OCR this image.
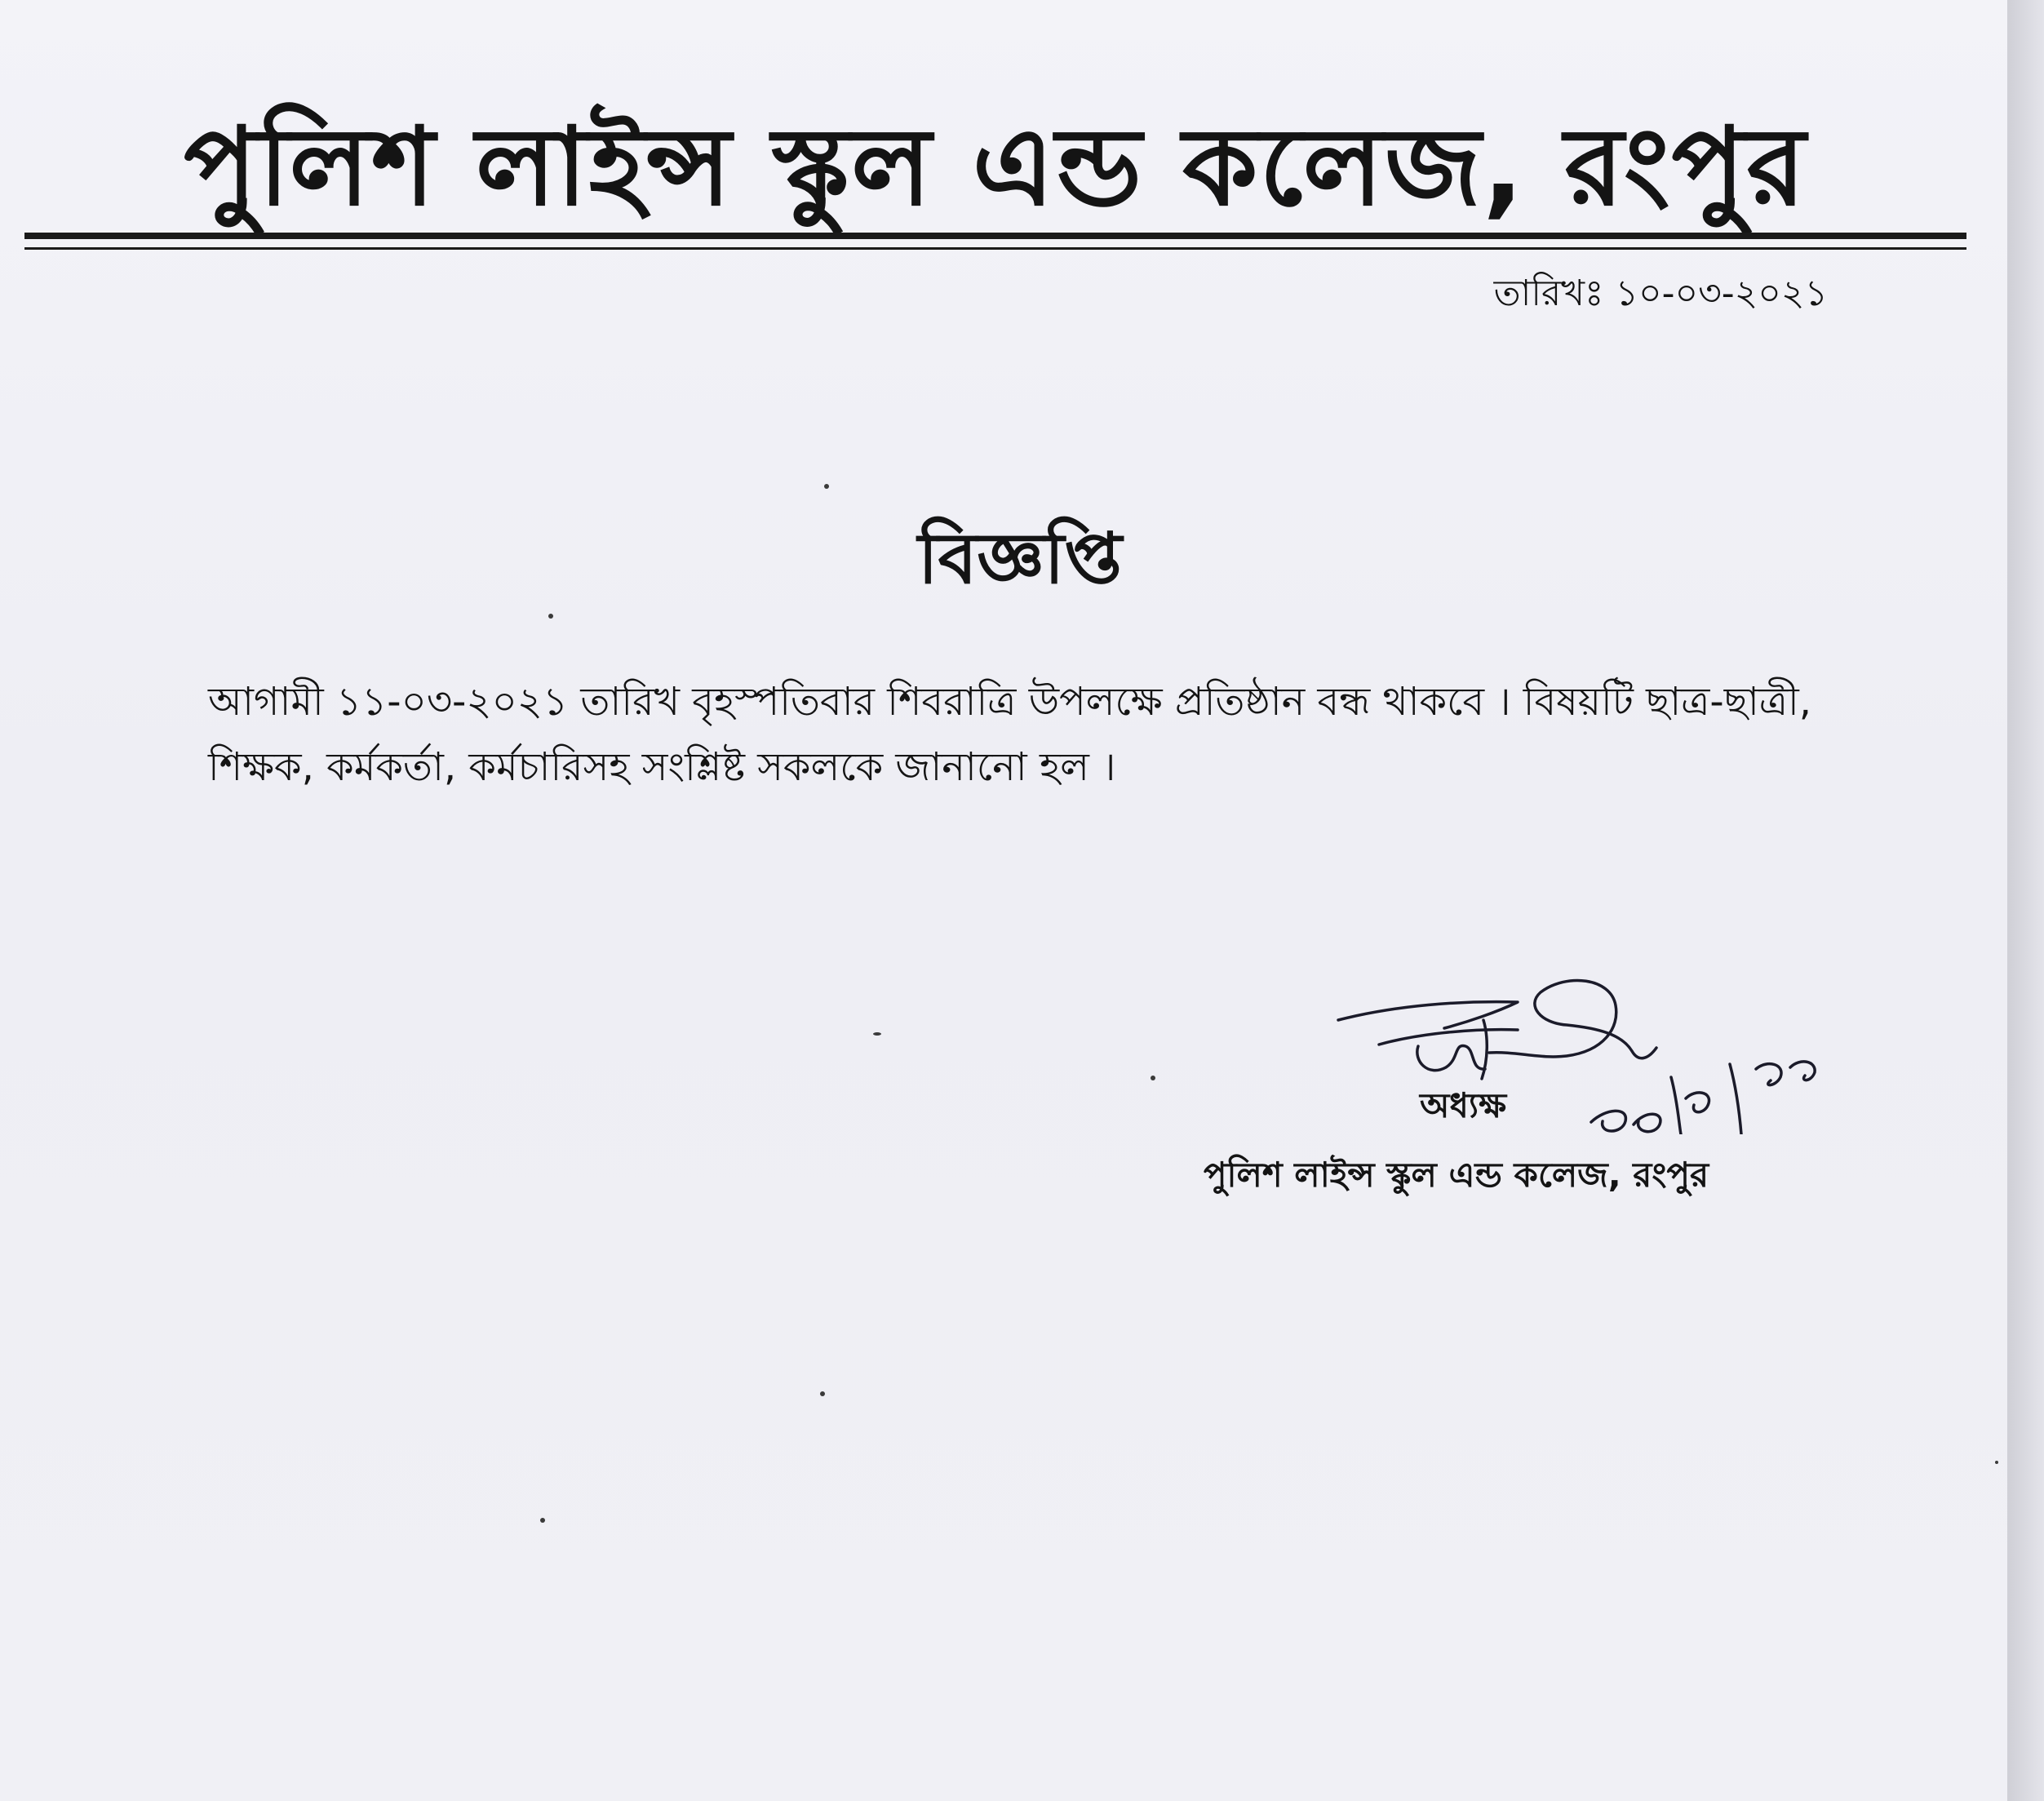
পুলিশ লাইন্স স্কুল এন্ড কলেজ, রংপুর
তারিখঃ ১০-০৩-২০২১
বিজ্ঞপ্তি
আগামী ১১-০৩-২০২১ তারিখ বৃহস্পতিবার শিবরাত্রি উপলক্ষে প্রতিষ্ঠান বন্ধ থাকবে । বিষয়টি ছাত্র-ছাত্রী,
শিক্ষক, কর্মকর্তা, কর্মচারিসহ সংশ্লিষ্ট সকলকে জানানো হল ।
অধ্যক্ষ
পুলিশ লাইন্স স্কুল এন্ড কলেজ, রংপুর
